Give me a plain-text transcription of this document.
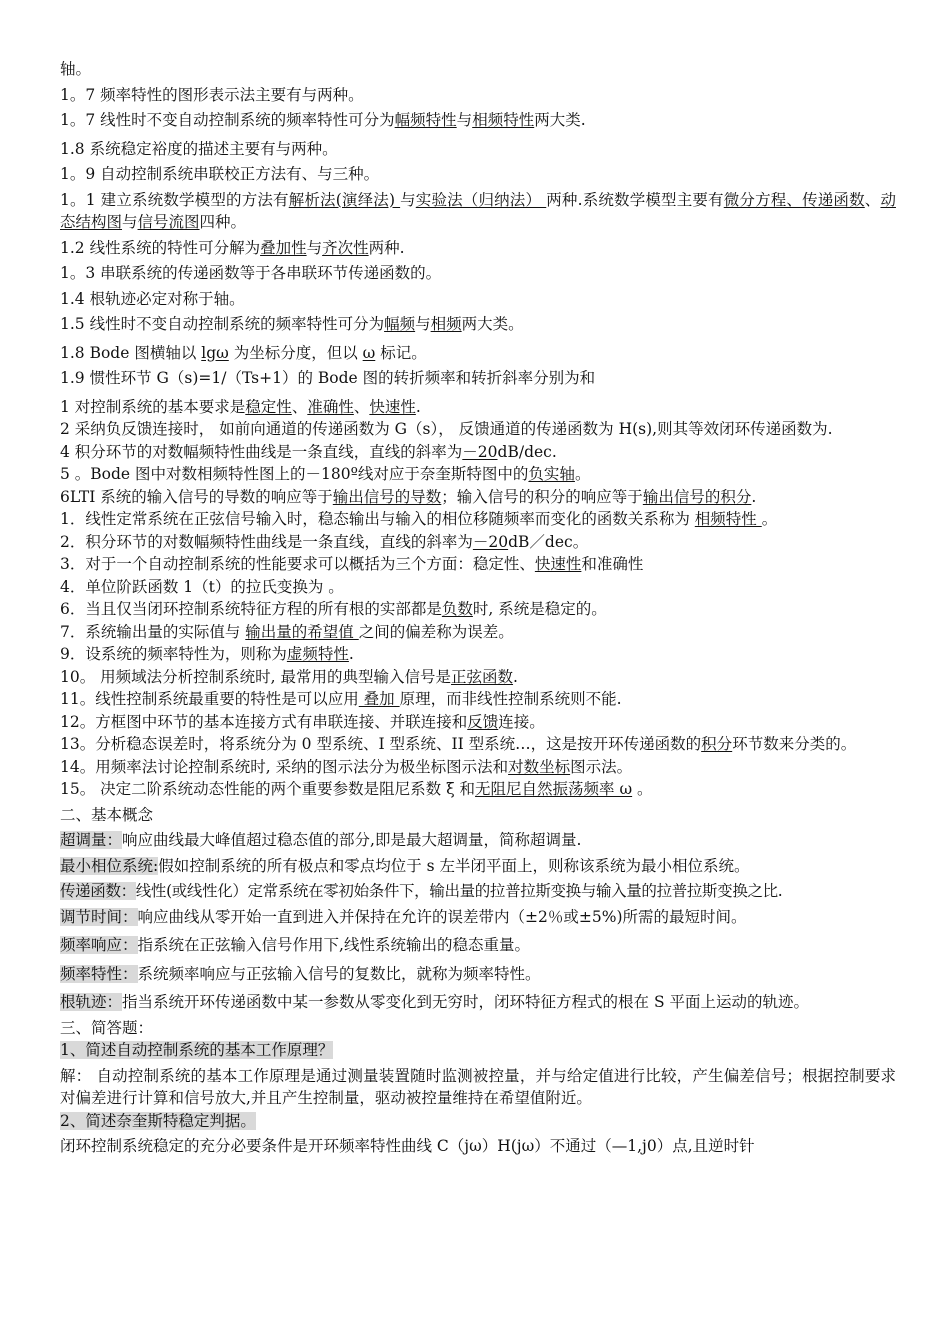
轴。
1。7 频率特性的图形表示法主要有与两种。
1。7 线性时不变自动控制系统的频率特性可分为幅频特性与相频特性两大类.
1.8 系统稳定裕度的描述主要有与两种。
1。9 自动控制系统串联校正方法有、与三种。
1。1 建立系统数学模型的方法有解析法(演绎法) 与实验法（归纳法） 两种.系统数学模型主要有微分方程、传递函数、动态结构图与信号流图四种。
1.2 线性系统的特性可分解为叠加性与齐次性两种.
1。3 串联系统的传递函数等于各串联环节传递函数的。
1.4 根轨迹必定对称于轴。
1.5 线性时不变自动控制系统的频率特性可分为幅频与相频两大类。
1.8 Bode 图横轴以 lgω 为坐标分度，但以 ω 标记。
1.9 惯性环节 G（s)=1/（Ts+1）的 Bode 图的转折频率和转折斜率分别为和
1 对控制系统的基本要求是稳定性、准确性、快速性.
2 采纳负反馈连接时， 如前向通道的传递函数为 G（s）， 反馈通道的传递函数为 H(s),则其等效闭环传递函数为.
4 积分环节的对数幅频特性曲线是一条直线，直线的斜率为－20dB/dec.
5 。Bode 图中对数相频特性图上的－180º线对应于奈奎斯特图中的负实轴。
6LTI 系统的输入信号的导数的响应等于输出信号的导数；输入信号的积分的响应等于输出信号的积分.
1．线性定常系统在正弦信号输入时，稳态输出与输入的相位移随频率而变化的函数关系称为 相频特性 。
2．积分环节的对数幅频特性曲线是一条直线，直线的斜率为－20dB／dec。
3．对于一个自动控制系统的性能要求可以概括为三个方面：稳定性、快速性和准确性
4．单位阶跃函数 1（t）的拉氏变换为 。
6．当且仅当闭环控制系统特征方程的所有根的实部都是负数时, 系统是稳定的。
7．系统输出量的实际值与 输出量的希望值 之间的偏差称为误差。
9．设系统的频率特性为，则称为虚频特性.
10。 用频域法分析控制系统时, 最常用的典型输入信号是正弦函数.
11。线性控制系统最重要的特性是可以应用 叠加 原理，而非线性控制系统则不能.
12。方框图中环节的基本连接方式有串联连接、并联连接和反馈连接。
13。分析稳态误差时，将系统分为 0 型系统、I 型系统、II 型系统…，这是按开环传递函数的积分环节数来分类的。
14。用频率法讨论控制系统时, 采纳的图示法分为极坐标图示法和对数坐标图示法。
15。 决定二阶系统动态性能的两个重要参数是阻尼系数 ξ 和无阻尼自然振荡频率 ω 。
二、基本概念
超调量：响应曲线最大峰值超过稳态值的部分,即是最大超调量，简称超调量.
最小相位系统:假如控制系统的所有极点和零点均位于 s 左半闭平面上，则称该系统为最小相位系统。
传递函数：线性(或线性化）定常系统在零初始条件下，输出量的拉普拉斯变换与输入量的拉普拉斯变换之比.
调节时间：响应曲线从零开始一直到进入并保持在允许的误差带内（±2％或±5%)所需的最短时间。
频率响应：指系统在正弦输入信号作用下,线性系统输出的稳态重量。
频率特性：系统频率响应与正弦输入信号的复数比，就称为频率特性。
根轨迹：指当系统开环传递函数中某一参数从零变化到无穷时，闭环特征方程式的根在 S 平面上运动的轨迹。
三、简答题：
1、简述自动控制系统的基本工作原理？
解： 自动控制系统的基本工作原理是通过测量装置随时监测被控量，并与给定值进行比较，产生偏差信号；根据控制要求对偏差进行计算和信号放大,并且产生控制量，驱动被控量维持在希望值附近。
2、简述奈奎斯特稳定判据。
闭环控制系统稳定的充分必要条件是开环频率特性曲线 C（jω）H(jω）不通过（—1,j0）点,且逆时针
